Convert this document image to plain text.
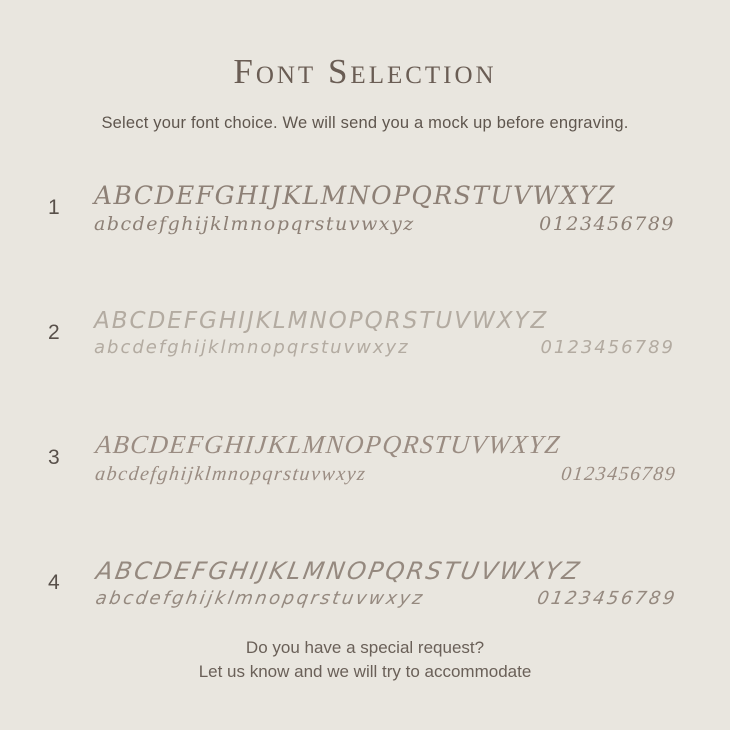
Font Selection

Select your font choice. We will send you a mock up before engraving.

1	ABCDEFGHIJKLMNOPQRSTUVWXYZ
abcdefghijklmnopqrstuvwxyz	0123456789
2	ABCDEFGHIJKLMNOPQRSTUVWXYZ
abcdefghijklmnopqrstuvwxyz	0123456789
3	ABCDEFGHIJKLMNOPQRSTUVWXYZ
abcdefghijklmnopqrstuvwxyz	0123456789
4	ABCDEFGHIJKLMNOPQRSTUVWXYZ
abcdefghijklmnopqrstuvwxyz	0123456789

Do you have a special request?

Let us know and we will try to accommodate
